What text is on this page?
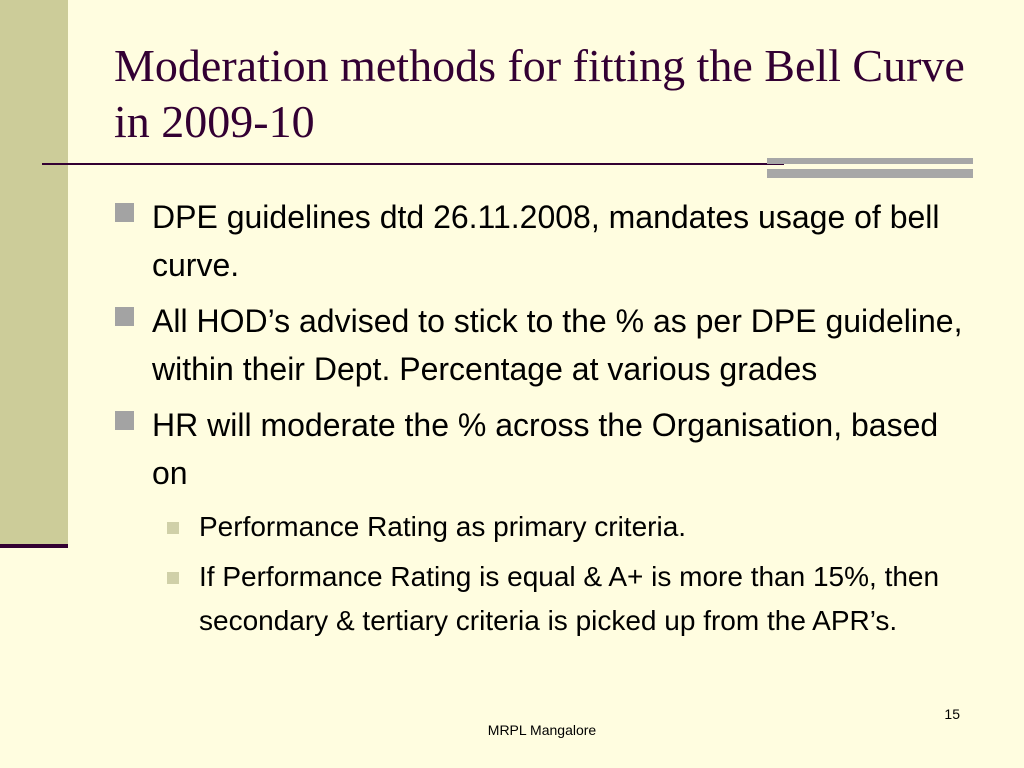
Moderation methods for fitting the Bell Curve in 2009-10
DPE guidelines dtd 26.11.2008, mandates usage of bell curve.
All HOD’s advised to stick to the % as per DPE guideline, within their Dept. Percentage at various grades
HR will moderate the % across the Organisation, based on
Performance Rating as primary criteria.
If Performance Rating is equal & A+ is more than 15%, then secondary & tertiary criteria is picked up from the APR’s.
MRPL Mangalore
15
